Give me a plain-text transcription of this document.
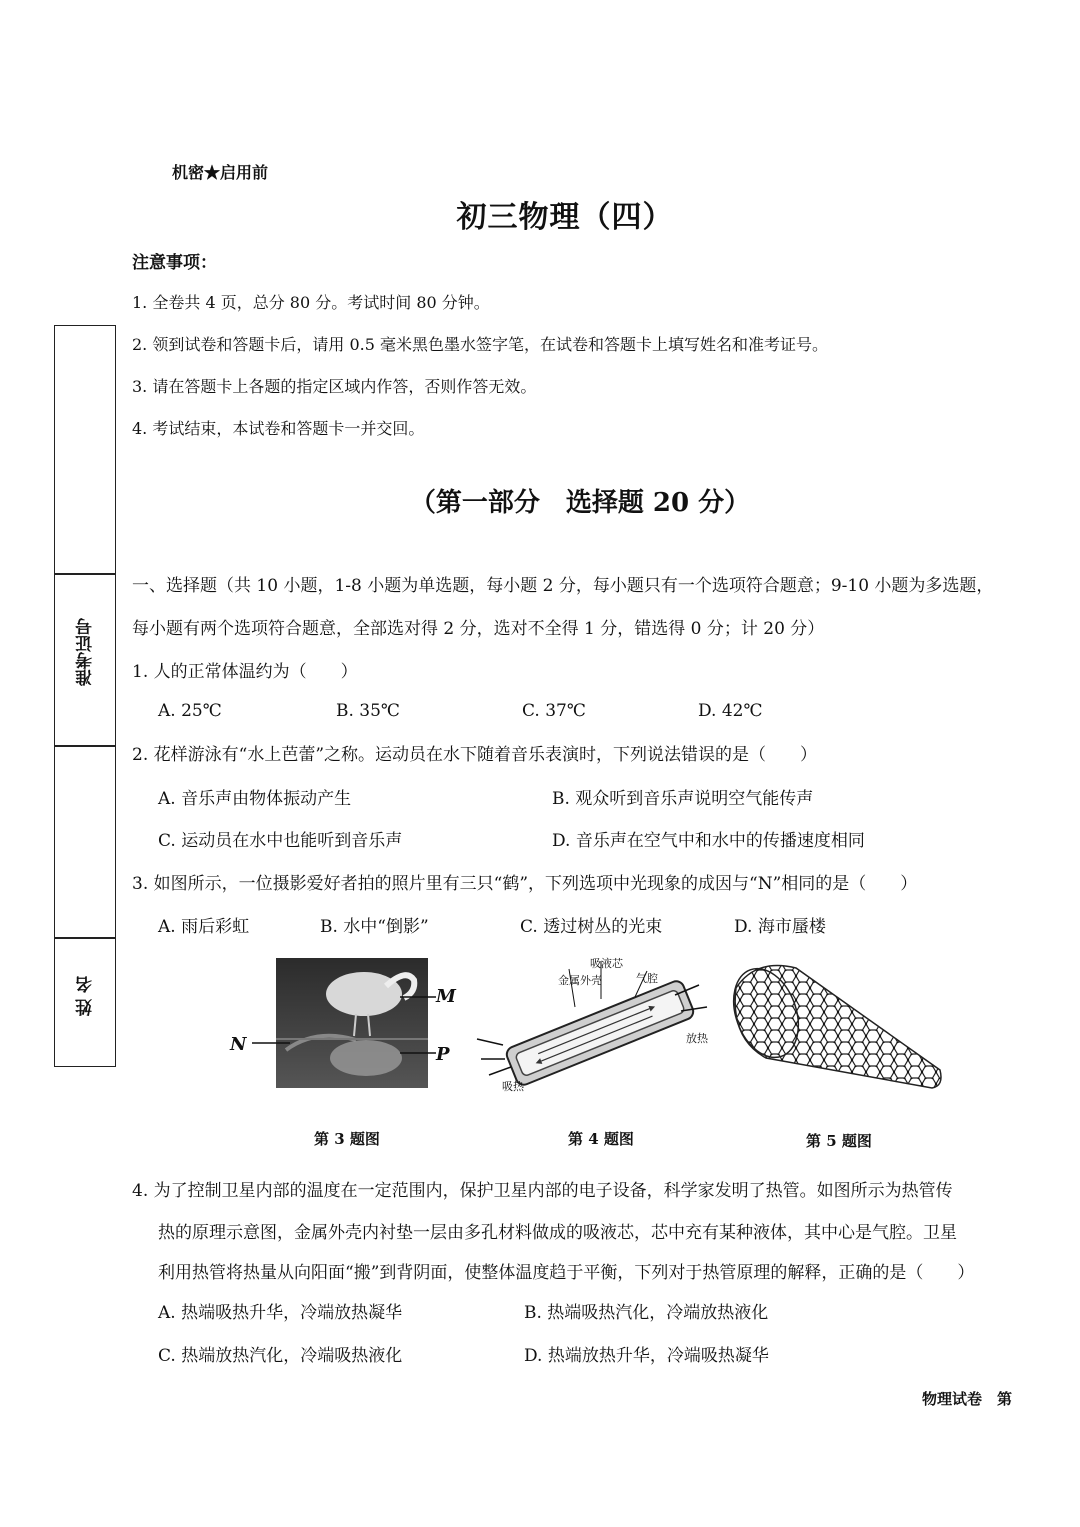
机密★启用前
初三物理（四）
注意事项：
1. 全卷共 4 页，总分 80 分。考试时间 80 分钟。
2. 领到试卷和答题卡后，请用 0.5 毫米黑色墨水签字笔，在试卷和答题卡上填写姓名和准考证号。
3. 请在答题卡上各题的指定区域内作答，否则作答无效。
4. 考试结束，本试卷和答题卡一并交回。
准考证号
姓 名
（第一部分　选择题 20 分）
一、选择题（共 10 小题，1-8 小题为单选题，每小题 2 分，每小题只有一个选项符合题意；9-10 小题为多选题，
每小题有两个选项符合题意，全部选对得 2 分，选对不全得 1 分，错选得 0 分；计 20 分）
1. 人的正常体温约为（　　）
A. 25℃	B. 35℃	C. 37℃	D. 42℃
2. 花样游泳有“水上芭蕾”之称。运动员在水下随着音乐表演时，下列说法错误的是（　　）
A. 音乐声由物体振动产生	B. 观众听到音乐声说明空气能传声
C. 运动员在水中也能听到音乐声	D. 音乐声在空气中和水中的传播速度相同
3. 如图所示，一位摄影爱好者拍的照片里有三只“鹤”，下列选项中光现象的成因与“N”相同的是（　　）
A. 雨后彩虹	B. 水中“倒影”	C. 透过树丛的光束	D. 海市蜃楼
M
N	P
第 3 题图
吸液芯
金属外壳	气腔
放热
吸热
第 4 题图	第 5 题图
4. 为了控制卫星内部的温度在一定范围内，保护卫星内部的电子设备，科学家发明了热管。如图所示为热管传
热的原理示意图，金属外壳内衬垫一层由多孔材料做成的吸液芯，芯中充有某种液体，其中心是气腔。卫星
利用热管将热量从向阳面“搬”到背阴面，使整体温度趋于平衡，下列对于热管原理的解释，正确的是（　　）
A. 热端吸热升华，冷端放热凝华	B. 热端吸热汽化，冷端放热液化
C. 热端放热汽化，冷端吸热液化	D. 热端放热升华，冷端吸热凝华
物理试卷　第
